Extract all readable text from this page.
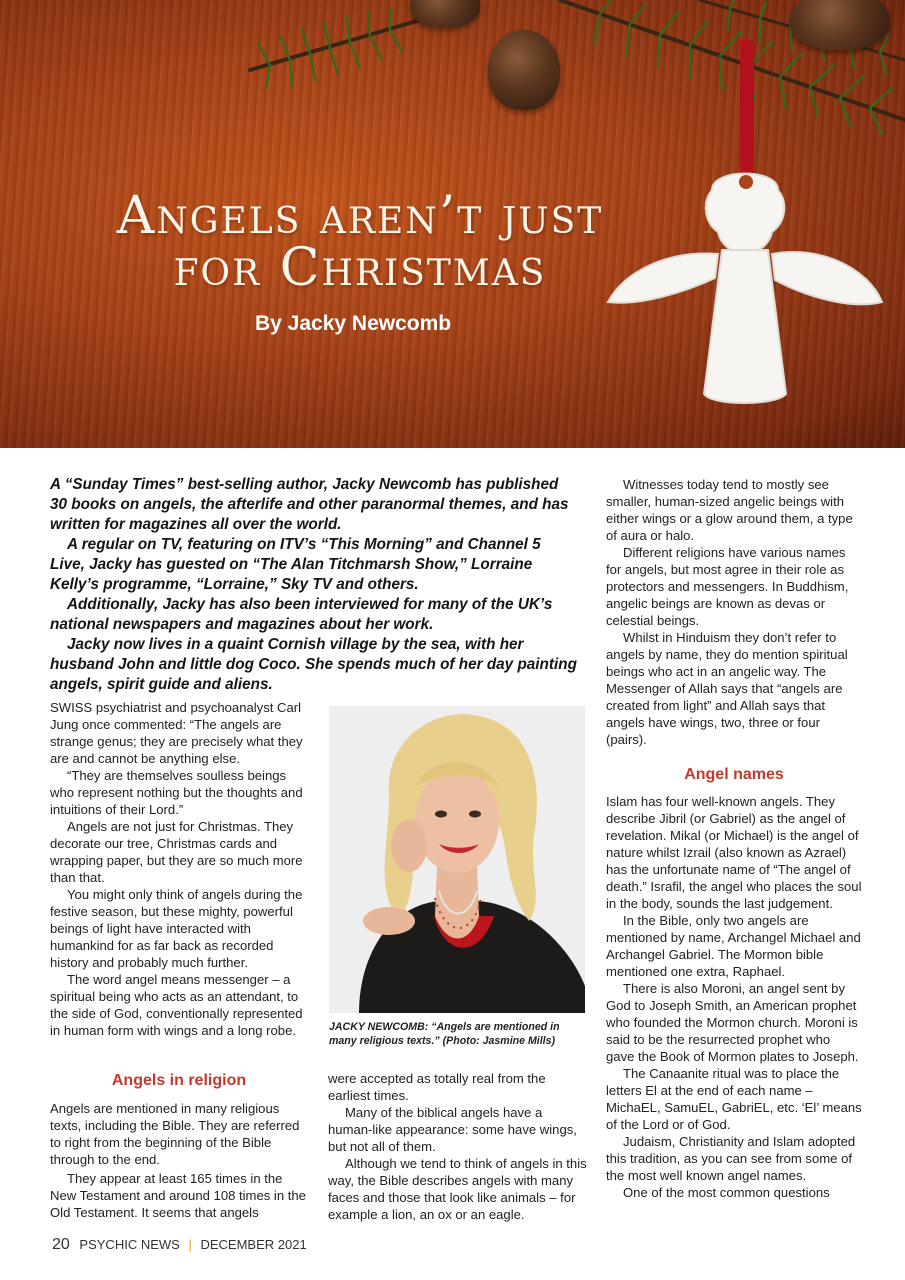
Angels aren’t just
for Christmas
By Jacky Newcomb

A “Sunday Times” best-selling author, Jacky Newcomb has published 30 books on angels, the afterlife and other paranormal themes, and has written for magazines all over the world.

A regular on TV, featuring on ITV’s “This Morning” and Channel 5 Live, Jacky has guested on “The Alan Titchmarsh Show,” Lorraine Kelly’s programme, “Lorraine,” Sky TV and others.

Additionally, Jacky has also been interviewed for many of the UK’s national newspapers and magazines about her work.

Jacky now lives in a quaint Cornish village by the sea, with her husband John and little dog Coco. She spends much of her day painting angels, spirit guide and aliens.

SWISS psychiatrist and psychoanalyst Carl Jung once commented: “The angels are strange genus; they are precisely what they are and cannot be anything else.

“They are themselves soulless beings who represent nothing but the thoughts and intuitions of their Lord.”

Angels are not just for Christmas. They decorate our tree, Christmas cards and wrapping paper, but they are so much more than that.

You might only think of angels during the festive season, but these mighty, powerful beings of light have interacted with humankind for as far back as recorded history and probably much further.

The word angel means messenger – a spiritual being who acts as an attendant, to the side of God, conventionally represented in human form with wings and a long robe.

Angels in religion

Angels are mentioned in many religious texts, including the Bible. They are referred to right from the beginning of the Bible through to the end.

They appear at least 165 times in the New Testament and around 108 times in the Old Testament. It seems that angels

JACKY NEWCOMB: “Angels are mentioned in many religious texts.” (Photo: Jasmine Mills)

were accepted as totally real from the earliest times.

Many of the biblical angels have a human-like appearance: some have wings, but not all of them.

Although we tend to think of angels in this way, the Bible describes angels with many faces and those that look like animals – for example a lion, an ox or an eagle.

Witnesses today tend to mostly see smaller, human-sized angelic beings with either wings or a glow around them, a type of aura or halo.

Different religions have various names for angels, but most agree in their role as protectors and messengers. In Buddhism, angelic beings are known as devas or celestial beings.

Whilst in Hinduism they don’t refer to angels by name, they do mention spiritual beings who act in an angelic way. The Messenger of Allah says that “angels are created from light” and Allah says that angels have wings, two, three or four (pairs).

Angel names

Islam has four well-known angels. They describe Jibril (or Gabriel) as the angel of revelation. Mikal (or Michael) is the angel of nature whilst Izrail (also known as Azrael) has the unfortunate name of “The angel of death.” Israfil, the angel who places the soul in the body, sounds the last judgement.

In the Bible, only two angels are mentioned by name, Archangel Michael and Archangel Gabriel. The Mormon bible mentioned one extra, Raphael.

There is also Moroni, an angel sent by God to Joseph Smith, an American prophet who founded the Mormon church. Moroni is said to be the resurrected prophet who gave the Book of Mormon plates to Joseph.

The Canaanite ritual was to place the letters El at the end of each name – MichaEL, SamuEL, GabriEL, etc. ‘El’ means of the Lord or of God.

Judaism, Christianity and Islam adopted this tradition, as you can see from some of the most well known angel names.

One of the most common questions

20 PSYCHIC NEWS | DECEMBER 2021
